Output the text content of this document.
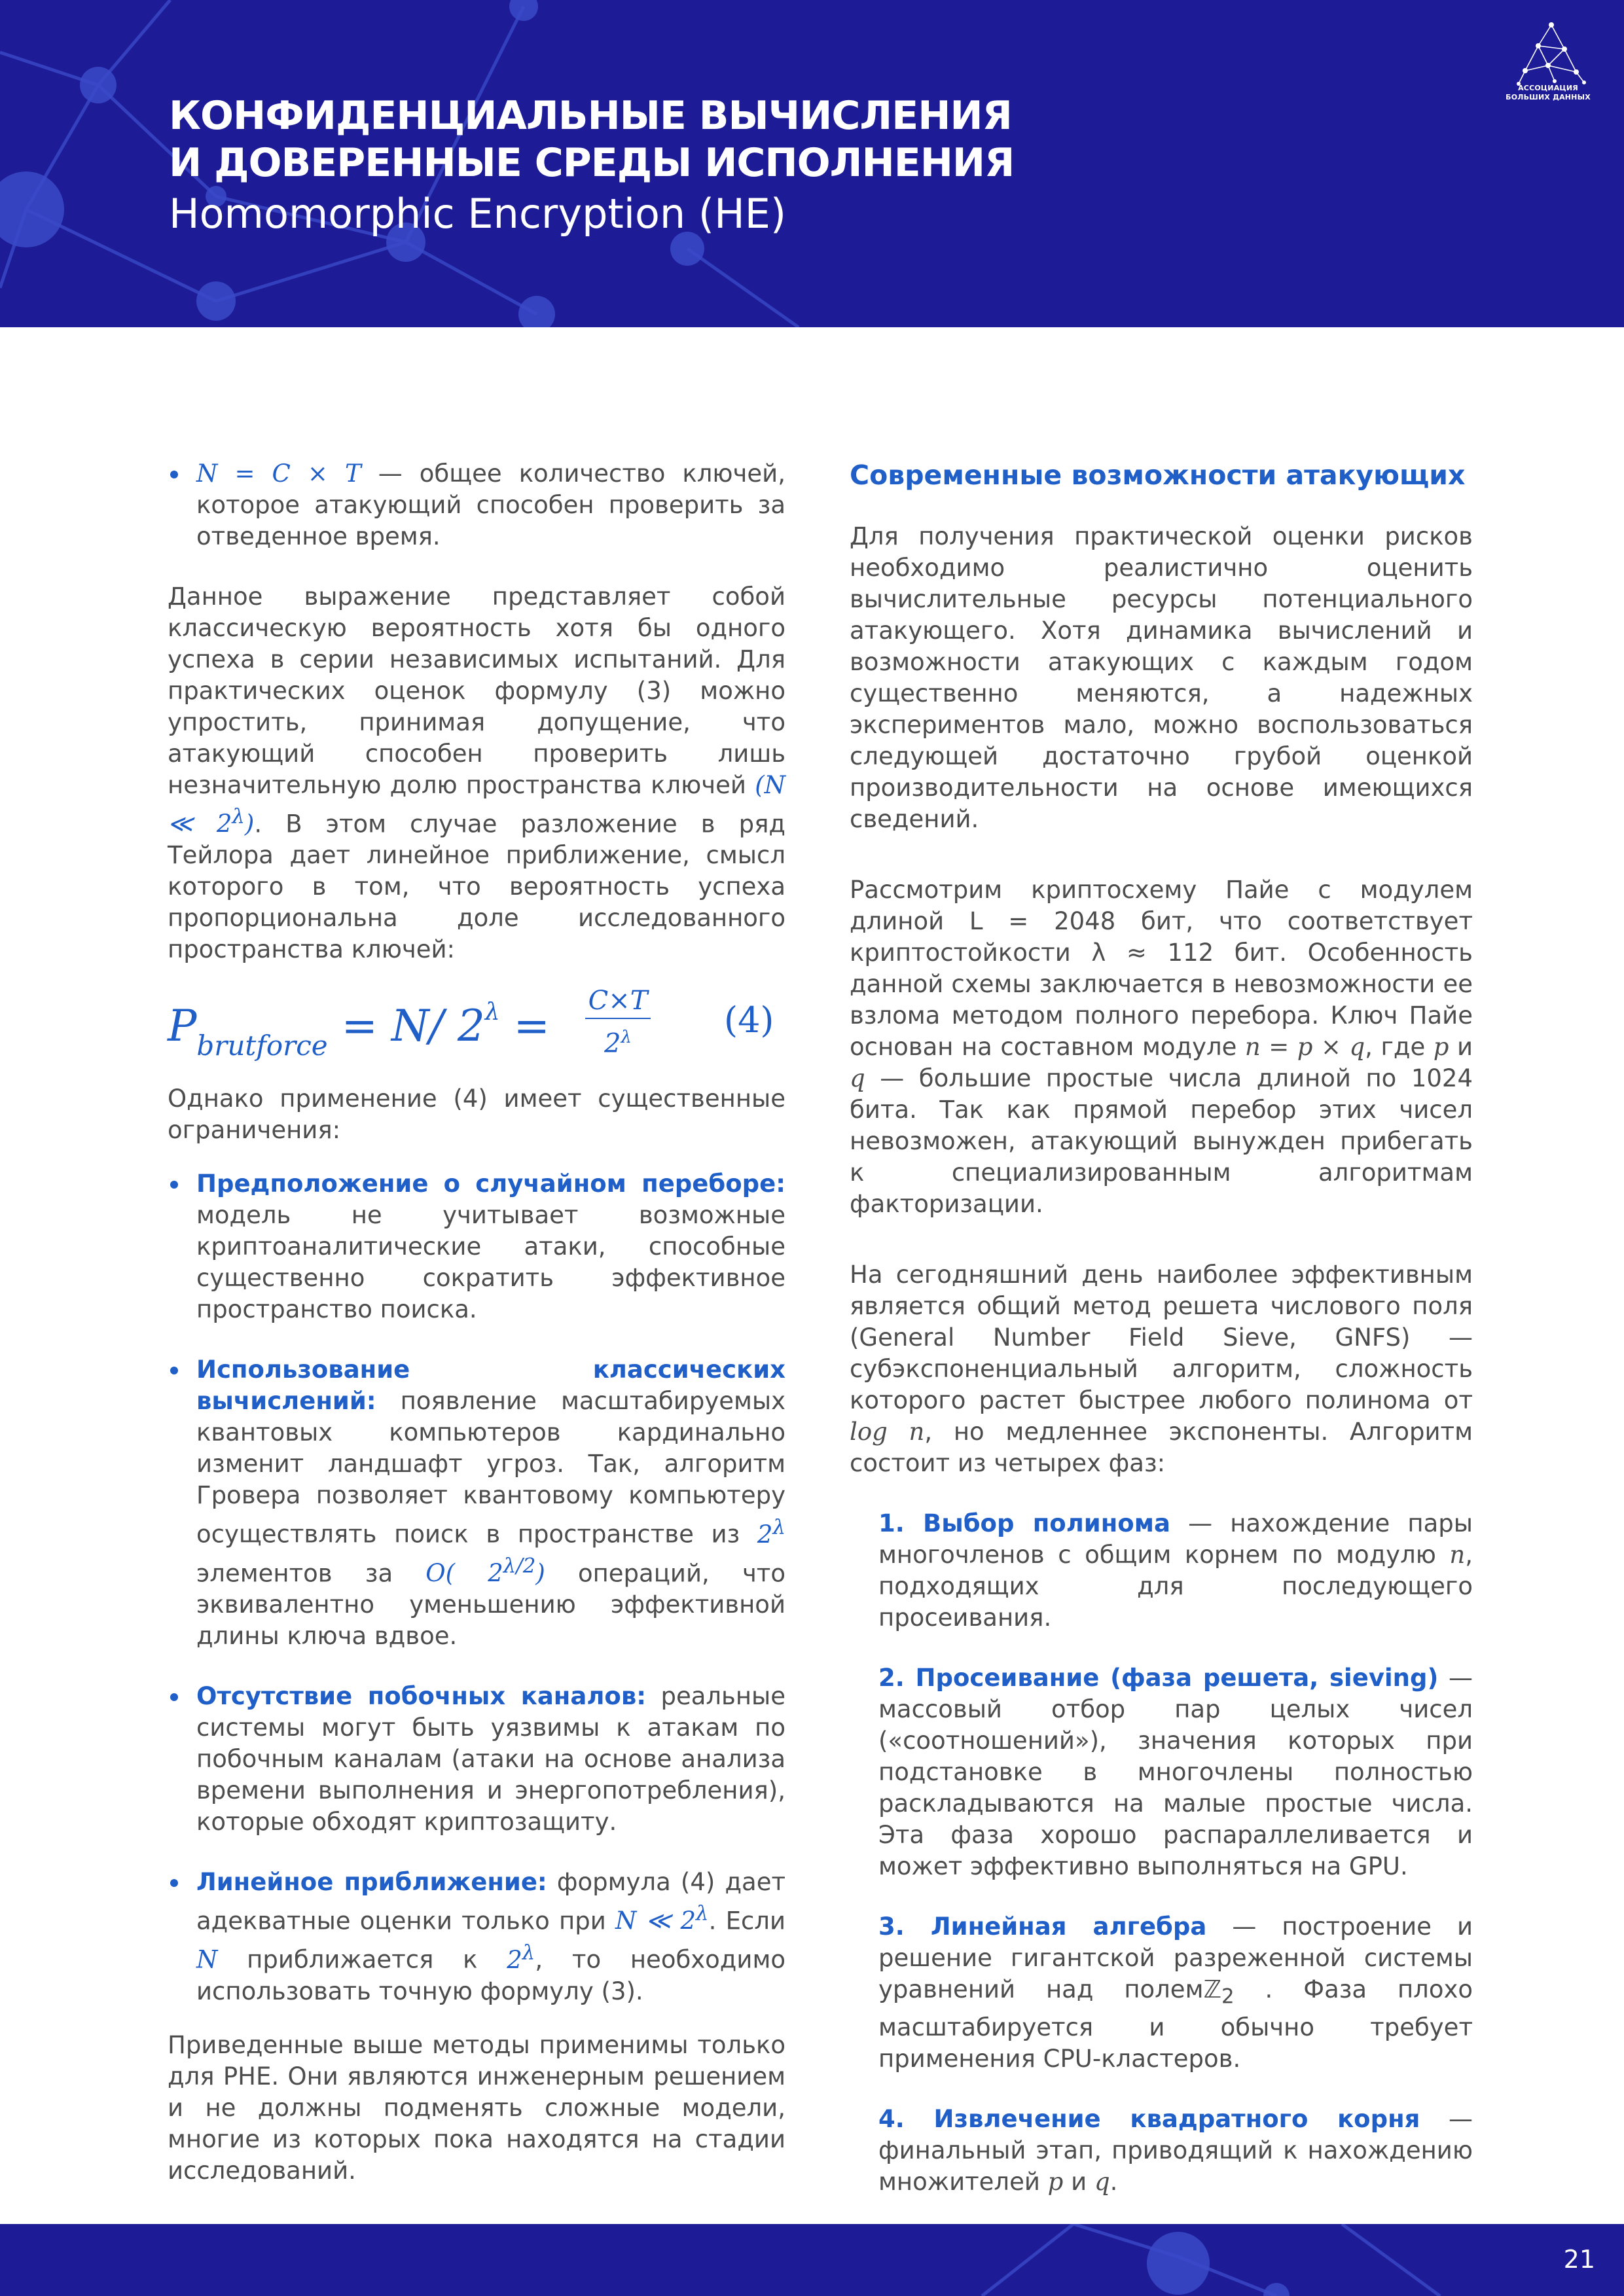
КОНФИДЕНЦИАЛЬНЫЕ ВЫЧИСЛЕНИЯ
И ДОВЕРЕННЫЕ СРЕДЫ ИСПОЛНЕНИЯ
Homomorphic Encryption (HE)
АССОЦИАЦИЯ
БОЛЬШИХ ДАННЫХ

N = C × T — общее количество ключей, которое атакующий способен проверить за отведенное время.

Данное выражение представляет собой классическую вероятность хотя бы одного успеха в серии независимых испытаний. Для практических оценок формулу (3) можно упростить, принимая допущение, что атакующий способен проверить лишь незначительную долю пространства ключей (N ≪ $2^\lambda$). В этом случае разложение в ряд Тейлора дает линейное приближение, смысл которого в том, что вероятность успеха пропорциональна доле исследованного пространства ключей:

$P_{brutforce} = N/$ $2^\lambda = \frac{C\times T}{2^\lambda} (4)$

Однако применение (4) имеет существенные ограничения:

Предположение о случайном переборе: модель не учитывает возможные криптоаналитические атаки, способные существенно сократить эффективное пространство поиска.

Использование классических вычислений: появление масштабируемых квантовых компьютеров кардинально изменит ландшафт угроз. Так, алгоритм Гровера позволяет квантовому компьютеру осуществлять поиск в пространстве из $2^\lambda$ элементов за O( $2^{\lambda/2}$) операций, что эквивалентно уменьшению эффективной длины ключа вдвое.

Отсутствие побочных каналов: реальные системы могут быть уязвимы к атакам по побочным каналам (атаки на основе анализа времени выполнения и энергопотребления), которые обходят криптозащиту.

Линейное приближение: формула (4) дает адекватные оценки только при N ≪ $2^\lambda$. Если N приближается к $2^\lambda$, то необходимо использовать точную формулу (3).

Приведенные выше методы применимы только для PHE. Они являются инженерным решением и не должны подменять сложные модели, многие из которых пока находятся на стадии исследований.

Современные возможности атакующих

Для получения практической оценки рисков необходимо реалистично оценить вычислительные ресурсы потенциального атакующего. Хотя динамика вычислений и возможности атакующих с каждым годом существенно меняются, а надежных экспериментов мало, можно воспользоваться следующей достаточно грубой оценкой производительности на основе имеющихся сведений.

Рассмотрим криптосхему Пайе с модулем длиной L = 2048 бит, что соответствует криптостойкости λ ≈ 112 бит. Особенность данной схемы заключается в невозможности ее взлома методом полного перебора. Ключ Пайе основан на составном модуле n = p × q, где p и q — большие простые числа длиной по 1024 бита. Так как прямой перебор этих чисел невозможен, атакующий вынужден прибегать к специализированным алгоритмам факторизации.

На сегодняшний день наиболее эффективным является общий метод решета числового поля (General Number Field Sieve, GNFS) — субэкспоненциальный алгоритм, сложность которого растет быстрее любого полинома от log n, но медленнее экспоненты. Алгоритм состоит из четырех фаз:

1. Выбор полинома — нахождение пары многочленов с общим корнем по модулю n, подходящих для последующего просеивания.

2. Просеивание (фаза решета, sieving) — массовый отбор пар целых чисел («соотношений»), значения которых при подстановке в многочлены полностью раскладываются на малые простые числа. Эта фаза хорошо распараллеливается и может эффективно выполняться на GPU.

3. Линейная алгебра — построение и решение гигантской разреженной системы уравнений над полемℤ$_2$ . Фаза плохо масштабируется и обычно требует применения CPU-кластеров.

4. Извлечение квадратного корня — финальный этап, приводящий к нахождению множителей p и q.

21
